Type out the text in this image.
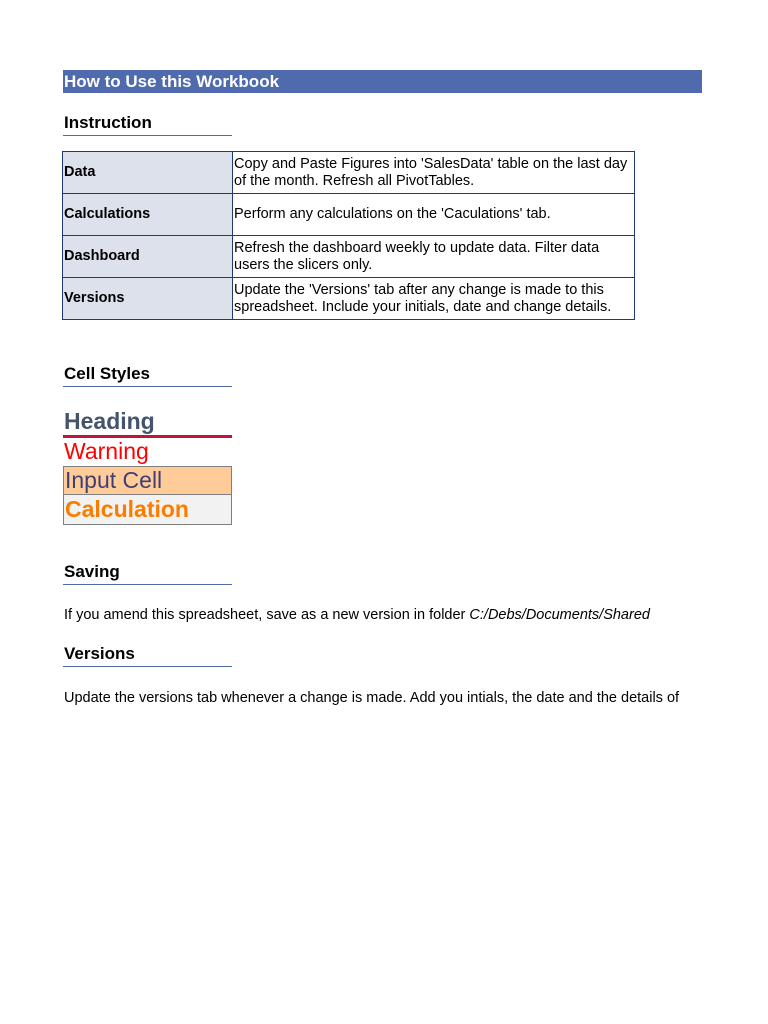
How to Use this Workbook
Instruction
Data	Copy and Paste Figures into 'SalesData' table on the last day of the month. Refresh all PivotTables.
Calculations	Perform any calculations on the 'Caculations' tab.
Dashboard	Refresh the dashboard weekly to update data. Filter data users the slicers only.
Versions	Update the 'Versions' tab after any change is made to this spreadsheet. Include your initials, date and change details.
Cell Styles
Heading
Warning
Input Cell
Calculation
Saving
If you amend this spreadsheet, save as a new version in folder C:/Debs/Documents/Shared
Versions
Update the versions tab whenever a change is made. Add you intials, the date and the details of
